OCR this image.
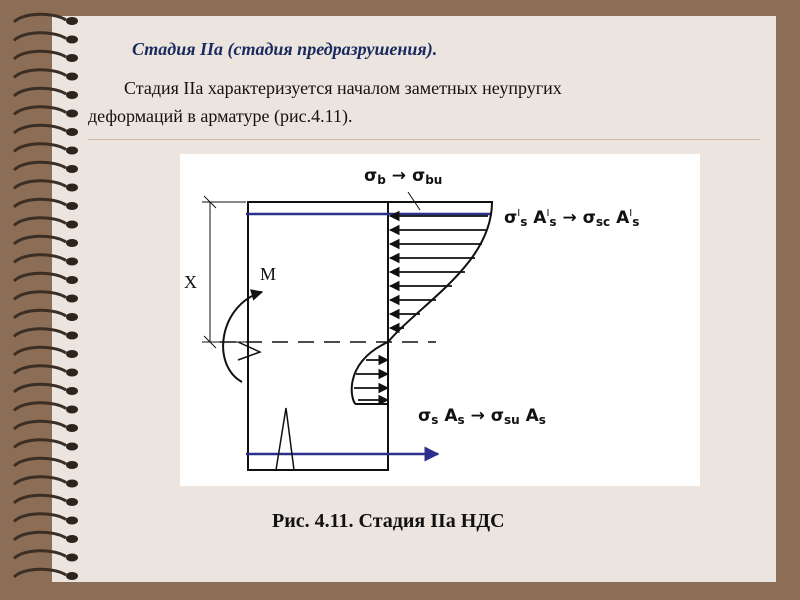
Стадия IIa (стадия предразрушения).
Стадия IIa характеризуется началом заметных неупругих
деформаций в арматуре (рис.4.11).
X	M
σb → σbu
$\sigma^Is$ $A^Is \to \sigma sc$ $A^Is$
σs As → σsu As
Рис. 4.11. Стадия IIa НДС
